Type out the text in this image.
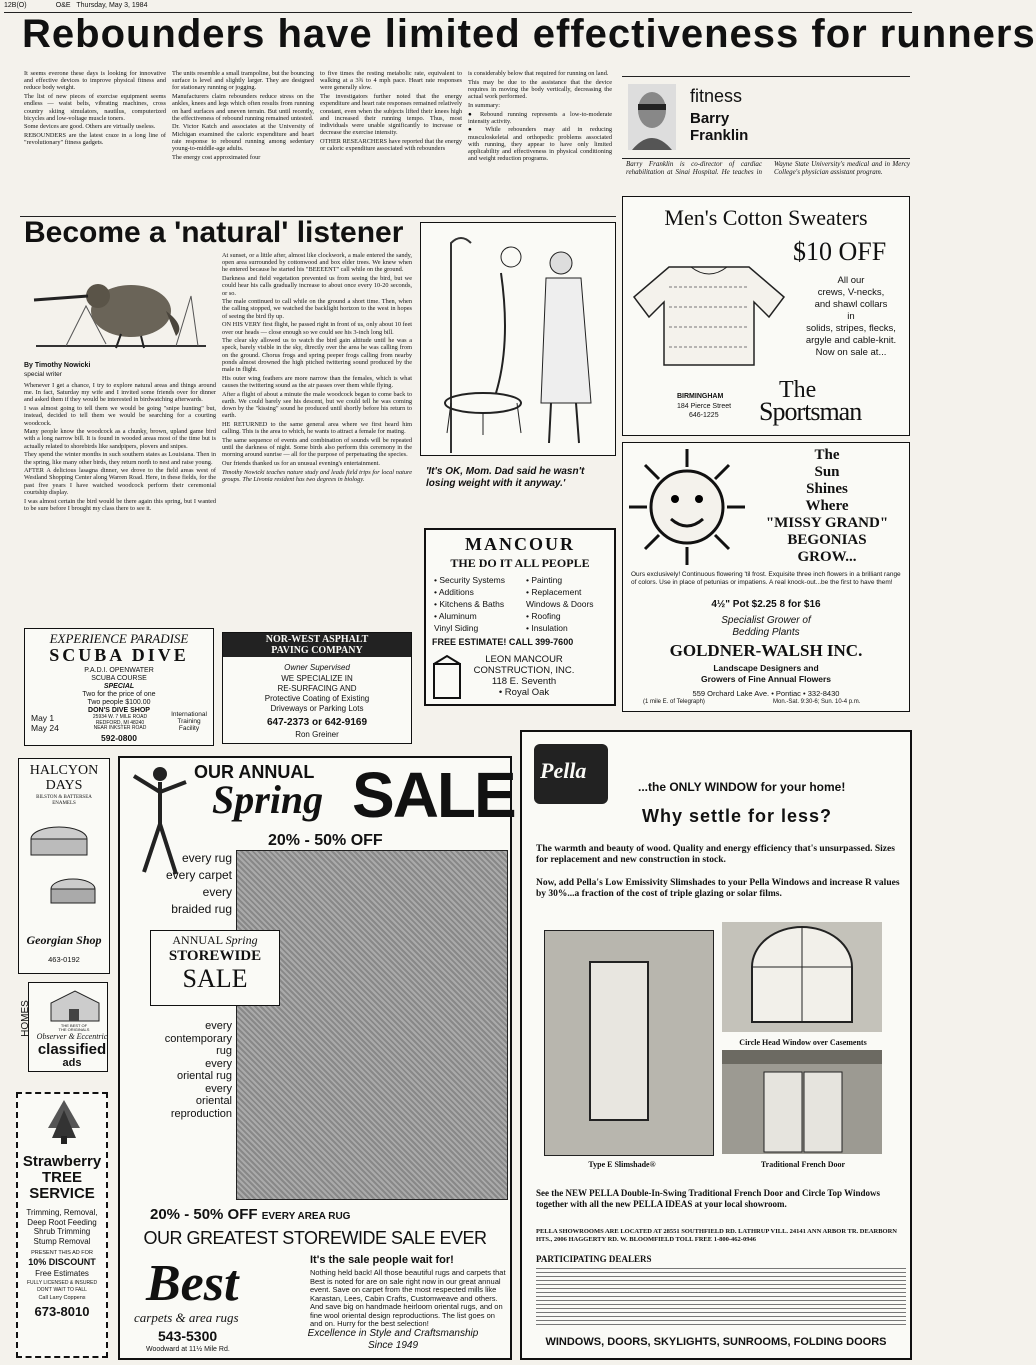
12B(O)	O&E Thursday, May 3, 1984
Rebounders have limited effectiveness for runners

It seems everone these days is looking for innovative and effective devices to improve physical fitness and reduce body weight.

The list of new pieces of exercise equipment seems endless — waist belts, vibrating machines, cross country skiing simulators, nautilus, computerized bicycles and low-voltage muscle toners.

Some devices are good. Others are virtually useless.

REBOUNDERS are the latest craze in a long line of "revolutionary" fitness gadgets.

The units resemble a small trampoline, but the bouncing surface is level and slightly larger. They are designed for stationary running or jogging.

Manufacturers claim rebounders reduce stress on the ankles, knees and legs which often results from running on hard surfaces and uneven terrain. But until recently, the effectiveness of rebound running remained untested.

Dr. Victor Katch and associates at the University of Michigan examined the caloric expenditure and heart rate response to rebound running among sedentary young-to-middle-age adults.

The energy cost approximated four

to five times the resting metabolic rate, equivalent to walking at a 3¾ to 4 mph pace. Heart rate responses were generally slow.

The investigators further noted that the energy expenditure and heart rate responses remained relatively constant, even when the subjects lifted their knees high and increased their running tempo. Thus, most individuals were unable significantly to increase or decrease the exercise intensity.

OTHER RESEARCHERS have reported that the energy or caloric expenditure associated with rebounders

is considerably below that required for running on land.

This may be due to the assistance that the device requires in moving the body vertically, decreasing the actual work performed.

In summary:

● Rebound running represents a low-to-moderate intensity activity.

● While rebounders may aid in reducing musculoskeletal and orthopedic problems associated with running, they appear to have only limited applicability and effectiveness in physical conditioning and weight reduction programs.

fitness
Barry Franklin
Barry Franklin is co-director of cardiac rehabilitation at Sinai Hospital. He teaches in Wayne State University's medical and in Mercy College's physician assistant program.
Become a 'natural' listener
By Timothy Nowicki
special writer

Whenever I get a chance, I try to explore natural areas and things around me. In fact, Saturday my wife and I invited some friends over for dinner and asked them if they would be interested in birdwatching afterwards.

I was almost going to tell them we would be going "snipe hunting" but, instead, decided to tell them we would be searching for a courting woodcock.

Many people know the woodcock as a chunky, brown, upland game bird with a long narrow bill. It is found in wooded areas most of the time but is actually related to shorebirds like sandpipers, plovers and snipes.

They spend the winter months in such southern states as Louisiana. Then in the spring, like many other birds, they return north to nest and raise young.

AFTER A delicious lasagna dinner, we drove to the field areas west of Westland Shopping Center along Warren Road. Here, in these fields, for the past five years I have watched woodcock perform their ceremonial courtship display.

I was almost certain the bird would be there again this spring, but I wanted to be sure before I brought my class there to see it.

At sunset, or a little after, almost like clockwork, a male entered the sandy, open area surrounded by cottonwood and box elder trees. We knew when he entered because he started his "BEEEENT" call while on the ground.

Darkness and field vegetation prevented us from seeing the bird, but we could hear his calls gradually increase to about once every 10-20 seconds, or so.

The male continued to call while on the ground a short time. Then, when the calling stopped, we watched the backlight horizon to the west in hopes of seeing the bird fly up.

ON HIS VERY first flight, he passed right in front of us, only about 10 feet over our heads — close enough so we could see his 3-inch long bill.

The clear sky allowed us to watch the bird gain altitude until he was a speck, barely visible in the sky, directly over the area he was calling from on the ground. Chorus frogs and spring peeper frogs calling from nearby ponds almost drowned the high pitched twittering sound produced by the male in flight.

His outer wing feathers are more narrow than the females, which is what causes the twittering sound as the air passes over them while flying.

After a flight of about a minute the male woodcock began to come back to earth. We could barely see his descent, but we could tell he was coming down by the "kissing" sound he produced until shortly before his return to earth.

HE RETURNED to the same general area where we first heard him calling. This is the area to which, he wants to attract a female for mating.

The same sequence of events and combination of sounds will be repeated until the darkness of night. Some birds also perform this ceremony in the morning around sunrise — all for the purpose of perpetuating the species.

Our friends thanked us for an unusual evening's entertainment.

Timothy Nowicki teaches nature study and leads field trips for local nature groups. The Livonia resident has two degrees in biology.

'It's OK, Mom. Dad said he wasn't losing weight with it anyway.'
Men's Cotton Sweaters
$10 OFF
All our
crews, V-necks,
and shawl collars
in
solids, stripes, flecks,
argyle and cable-knit.
Now on sale at...
BIRMINGHAM
184 Pierce Street
646-1225
The
Sportsman
The
Sun
Shines
Where
"MISSY GRAND"
BEGONIAS
GROW...
Ours exclusively! Continuous flowering 'til frost. Exquisite three inch flowers in a brilliant range of colors. Use in place of petunias or impatiens. A real knock-out...be the first to have them!
4½" Pot $2.25 8 for $16
Specialist Grower of
Bedding Plants
GOLDNER-WALSH INC.
Landscape Designers and
Growers of Fine Annual Flowers
559 Orchard Lake Ave. • Pontiac • 332-8430
(1 mile E. of Telegraph)	Mon.-Sat. 9:30-6; Sun. 10-4 p.m.
MANCOUR
THE DO IT ALL PEOPLE
• Security Systems
• Additions
• Kitchens & Baths
• Aluminum
Vinyl Siding
• Painting
• Replacement
Windows & Doors
• Roofing
• Insulation
FREE ESTIMATE! CALL 399-7600
LEON MANCOUR
CONSTRUCTION, INC.
118 E. Seventh
• Royal Oak
EXPERIENCE PARADISE
SCUBA DIVE
P.A.D.I. OPENWATER
SCUBA COURSE
SPECIAL
Two for the price of one
Two people $100.00
DON'S DIVE SHOP
25934 W. 7 MILE ROAD
REDFORD, MI 48240
NEAR INKSTER ROAD
592-0800
May 1
May 24
International
Training
Facility
NOR-WEST ASPHALT
PAVING COMPANY
Owner Supervised
WE SPECIALIZE IN
RE-SURFACING AND
Protective Coating of Existing
Driveways or Parking Lots
647-2373 or 642-9169
Ron Greiner
HALCYON
DAYS
BILSTON & BATTERSEA
ENAMELS
Georgian Shop
463-0192
HOMES	THE BEST OF
THE ORIGINALS
Observer & Eccentric
classified
ads
Strawberry
TREE
SERVICE
Trimming, Removal,
Deep Root Feeding
Shrub Trimming
Stump Removal
PRESENT THIS AD FOR
10% DISCOUNT
Free Estimates
FULLY LICENSED & INSURED
DON'T WAIT TO FALL
Call Larry Coppens
673-8010
OUR ANNUAL
Spring SALE
20% - 50% OFF
every rug
every carpet
every
braided rug
ANNUAL Spring
STOREWIDE
SALE
every
contemporary
rug
every
oriental rug
every
oriental
reproduction
20% - 50% OFF EVERY AREA RUG
OUR GREATEST STOREWIDE SALE EVER
It's the sale people wait for!
Nothing held back! All those beautiful rugs and carpets that Best is noted for are on sale right now in our great annual event. Save on carpet from the most respected mills like Karastan, Lees, Cabin Crafts, Customweave and others. And save big on handmade heirloom oriental rugs, and on fine wool oriental design reproductions. The list goes on and on. Hurry for the best selection!
Best
carpets & area rugs
543-5300
Woodward at 11½ Mile Rd.
Excellence in Style and Craftsmanship
Since 1949
Pella
...the ONLY WINDOW for your home!
Why settle for less?
The warmth and beauty of wood. Quality and energy efficiency that's unsurpassed. Sizes for replacement and new construction in stock.
Now, add Pella's Low Emissivity Slimshades to your Pella Windows and increase R values by 30%...a fraction of the cost of triple glazing or solar films.
Circle Head Window over Casements
Type E Slimshade®	Traditional French Door
See the NEW PELLA Double-In-Swing Traditional French Door and Circle Top Windows together with all the new PELLA IDEAS at your local showroom.
PELLA SHOWROOMS ARE LOCATED AT 28551 SOUTHFIELD RD. LATHRUP VILL. 24141 ANN ARBOR TR. DEARBORN HTS., 2006 HAGGERTY RD. W. BLOOMFIELD TOLL FREE 1-800-462-0946
PARTICIPATING DEALERS
WINDOWS, DOORS, SKYLIGHTS, SUNROOMS, FOLDING DOORS
